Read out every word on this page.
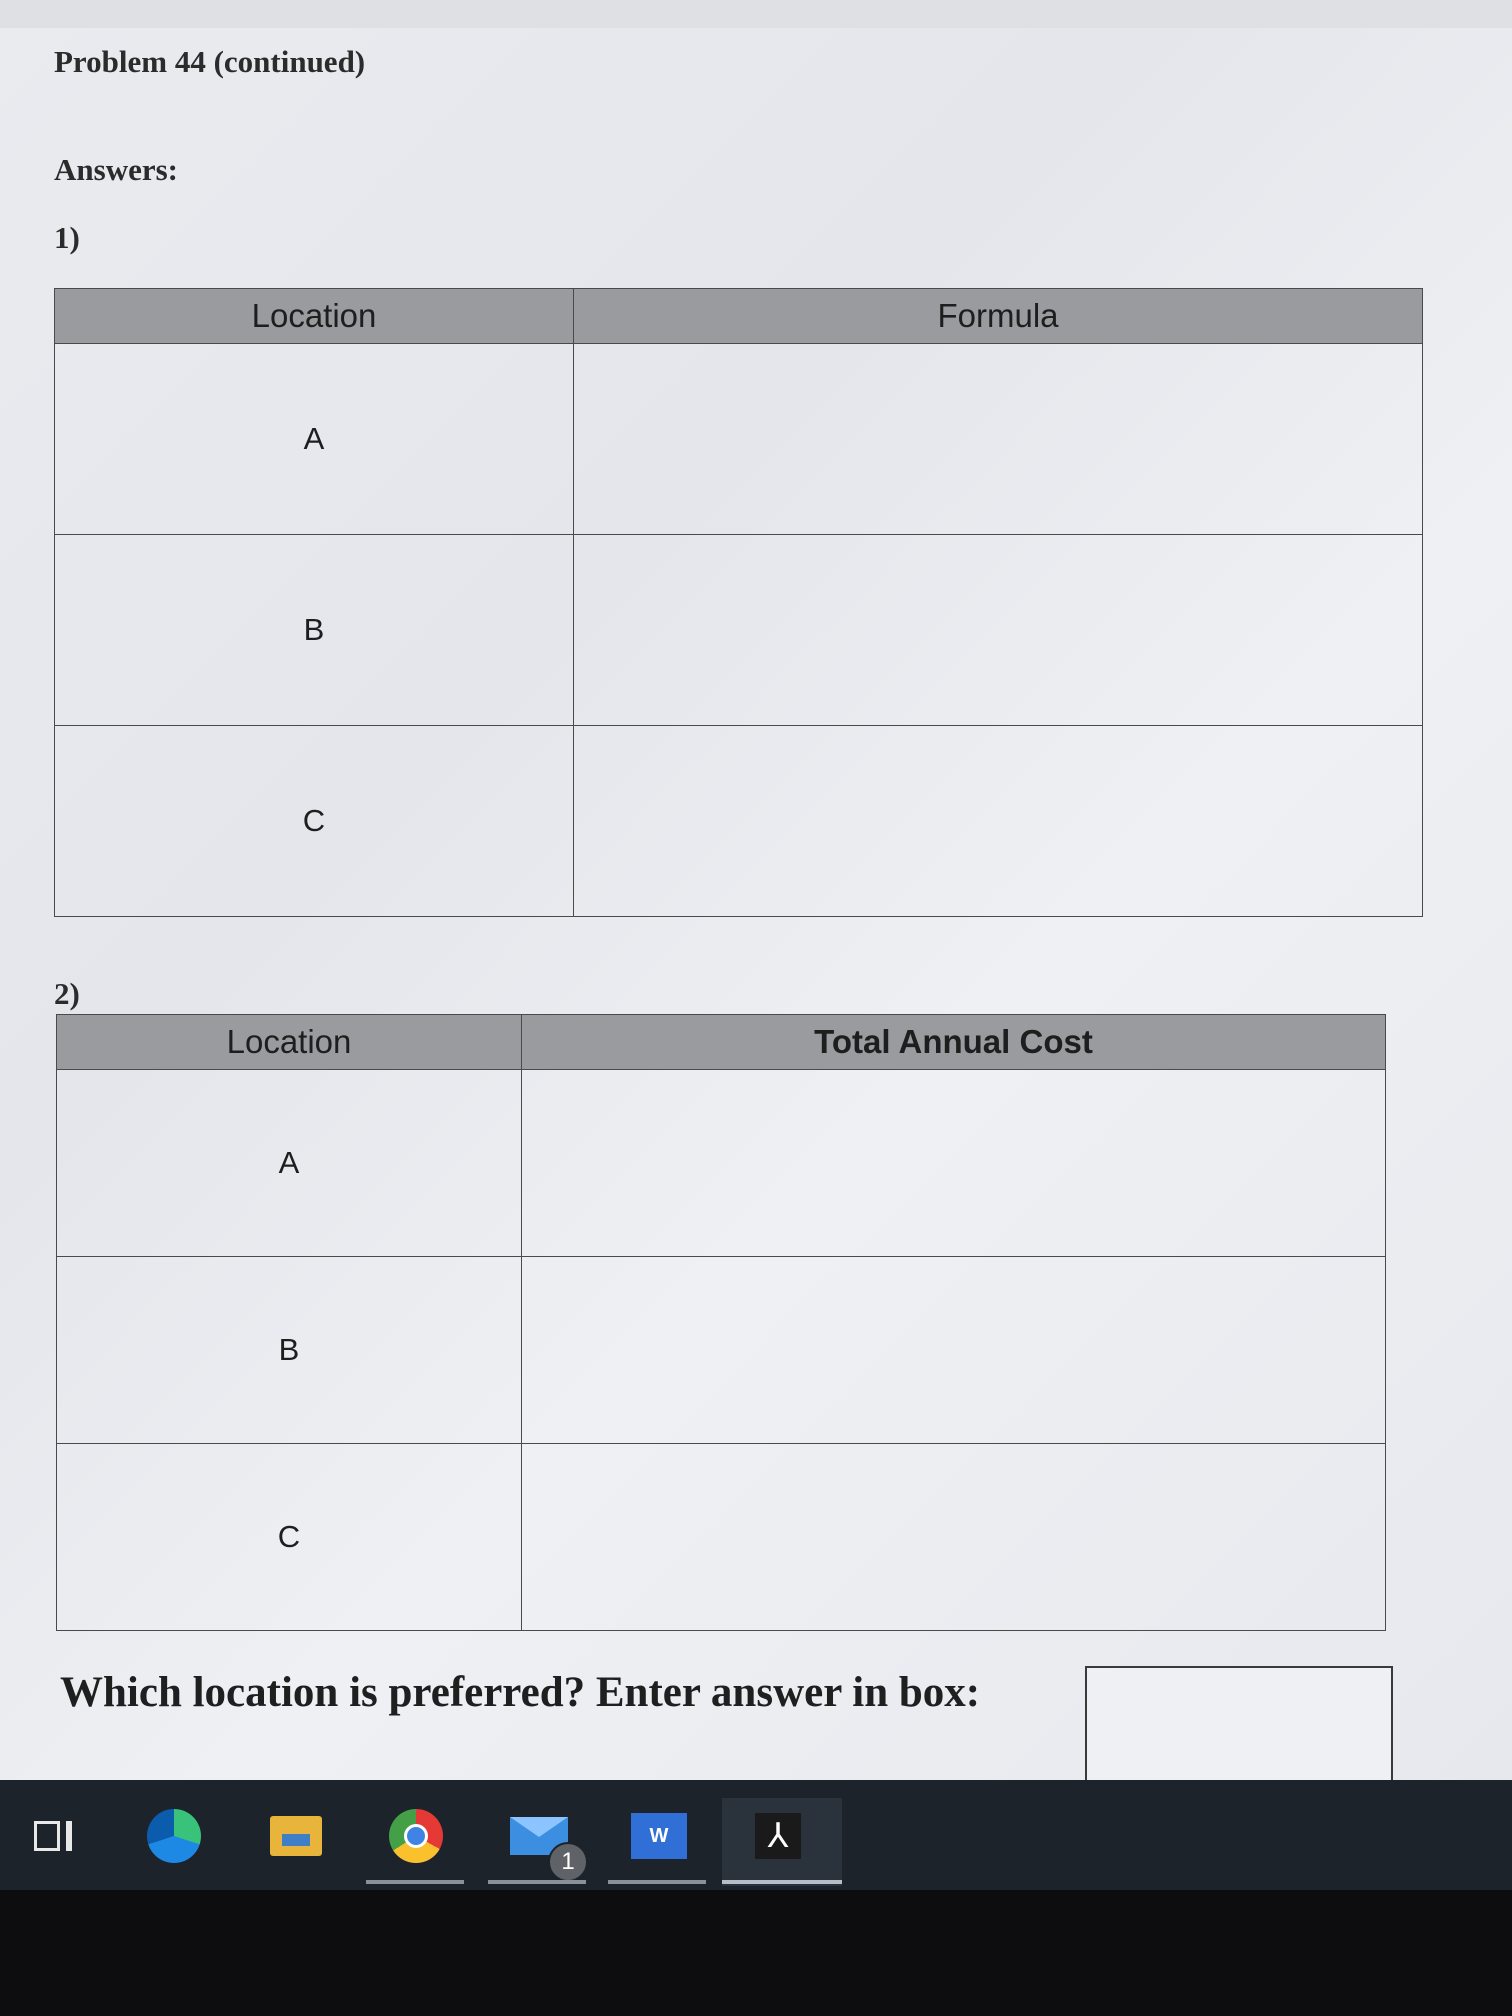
Problem 44 (continued)
Answers:
1)
Location	Formula
A	
B	
C	
2)
Location	Total Annual Cost
A	
B	
C	
Which location is preferred? Enter answer in box:
1
W	⅄
